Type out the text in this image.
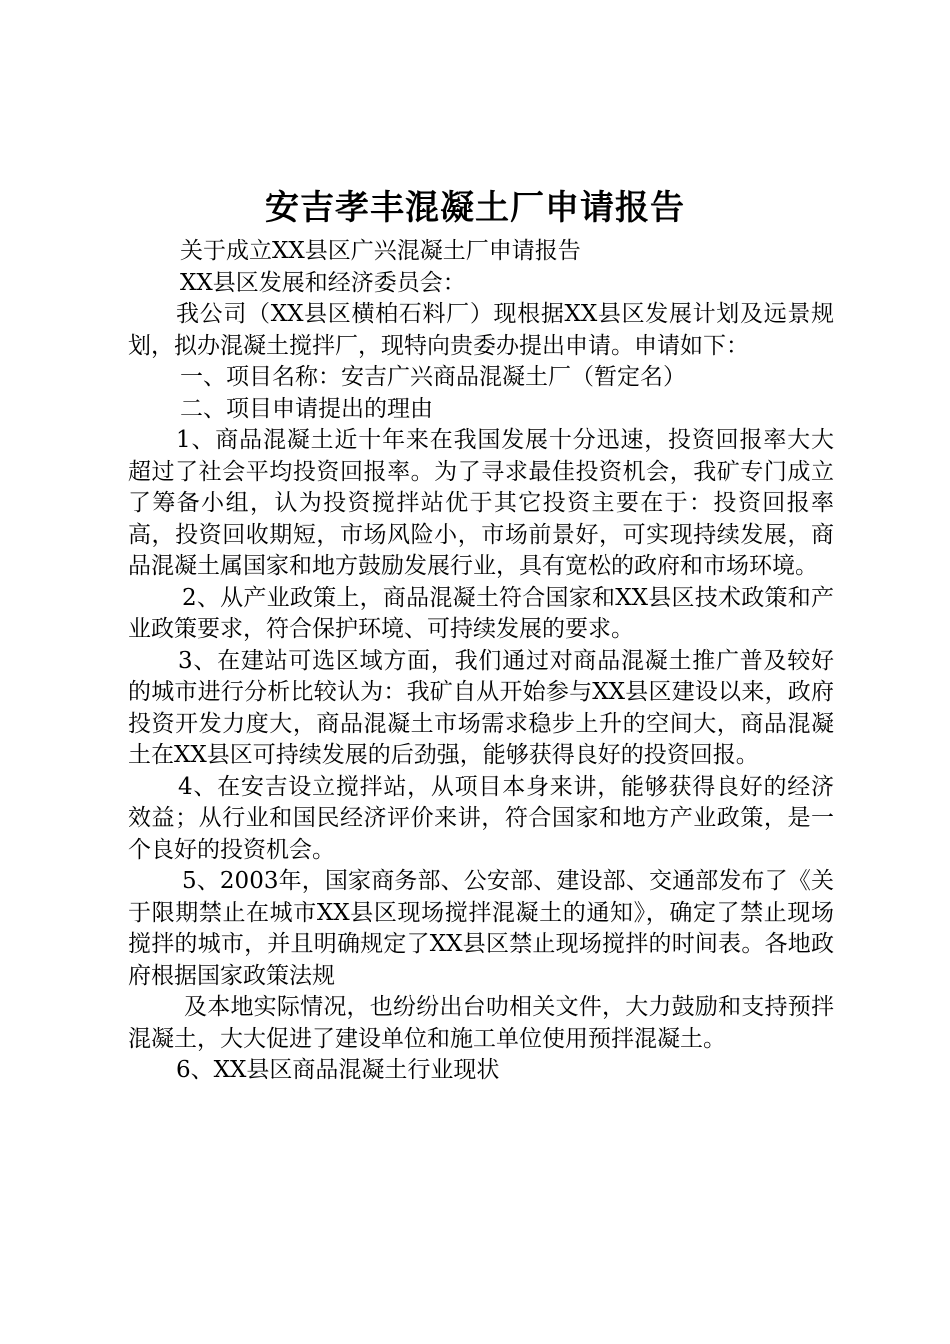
安吉孝丰混凝土厂申请报告

关于成立XX县区广兴混凝土厂申请报告

XX县区发展和经济委员会：

我公司（XX县区横柏石料厂）现根据XX县区发展计划及远景规划，拟办混凝土搅拌厂，现特向贵委办提出申请。申请如下：

一、项目名称：安吉广兴商品混凝土厂（暂定名）

二、项目申请提出的理由

1、商品混凝土近十年来在我国发展十分迅速，投资回报率大大超过了社会平均投资回报率。为了寻求最佳投资机会，我矿专门成立了筹备小组，认为投资搅拌站优于其它投资主要在于：投资回报率高，投资回收期短，市场风险小，市场前景好，可实现持续发展，商品混凝土属国家和地方鼓励发展行业，具有宽松的政府和市场环境。

2、从产业政策上，商品混凝土符合国家和XX县区技术政策和产业政策要求，符合保护环境、可持续发展的要求。

3、在建站可选区域方面，我们通过对商品混凝土推广普及较好的城市进行分析比较认为：我矿自从开始参与XX县区建设以来，政府投资开发力度大，商品混凝土市场需求稳步上升的空间大，商品混凝土在XX县区可持续发展的后劲强，能够获得良好的投资回报。

4、在安吉设立搅拌站，从项目本身来讲，能够获得良好的经济效益；从行业和国民经济评价来讲，符合国家和地方产业政策，是一个良好的投资机会。

5、2003年，国家商务部、公安部、建设部、交通部发布了《关于限期禁止在城市XX县区现场搅拌混凝土的通知》，确定了禁止现场搅拌的城市，并且明确规定了XX县区禁止现场搅拌的时间表。各地政府根据国家政策法规

及本地实际情况，也纷纷出台叻相关文件，大力鼓励和支持预拌混凝土，大大促进了建设单位和施工单位使用预拌混凝土。

6、XX县区商品混凝土行业现状
